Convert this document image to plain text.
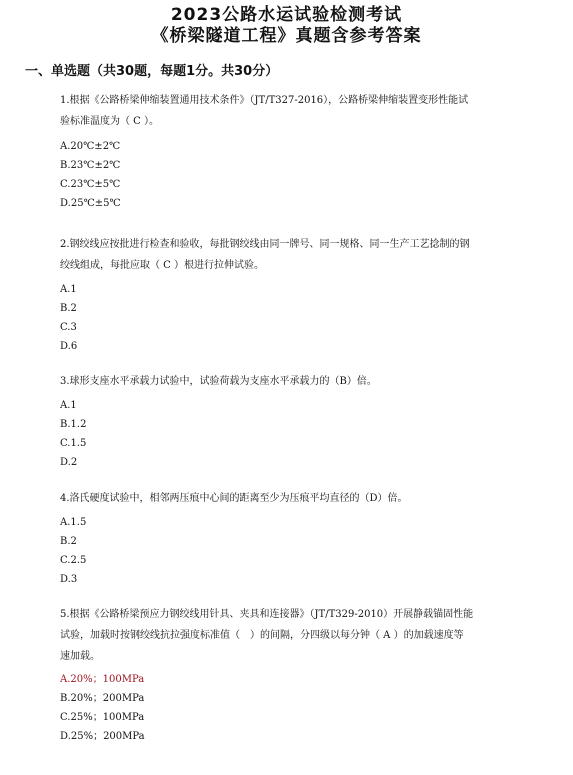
2023公路水运试验检测考试
《桥梁隧道工程》真题含参考答案
一、单选题（共30题，每题1分。共30分）

1.根据《公路桥梁伸缩装置通用技术条件》（JT/T327-2016），公路桥梁伸缩装置变形性能试
验标准温度为（ C ）。

A.20℃±2℃

B.23℃±2℃

C.23℃±5℃

D.25℃±5℃

2.钢绞线应按批进行检查和验收，每批钢绞线由同一牌号、同一规格、同一生产工艺捻制的钢
绞线组成，每批应取（ C ）根进行拉伸试验。

A.1

B.2

C.3

D.6

3.球形支座水平承载力试验中，试验荷载为支座水平承载力的（B）倍。

A.1

B.1.2

C.1.5

D.2

4.洛氏硬度试验中，相邻两压痕中心间的距离至少为压痕平均直径的（D）倍。

A.1.5

B.2

C.2.5

D.3

5.根据《公路桥梁预应力钢绞线用针具、夹具和连接器》（JT/T329-2010）开展静载锚固性能
试验，加载时按钢绞线抗拉强度标准值（　）的间隔，分四级以每分钟（ A ）的加载速度等
速加载。

A.20%；100MPa

B.20%；200MPa

C.25%；100MPa

D.25%；200MPa
